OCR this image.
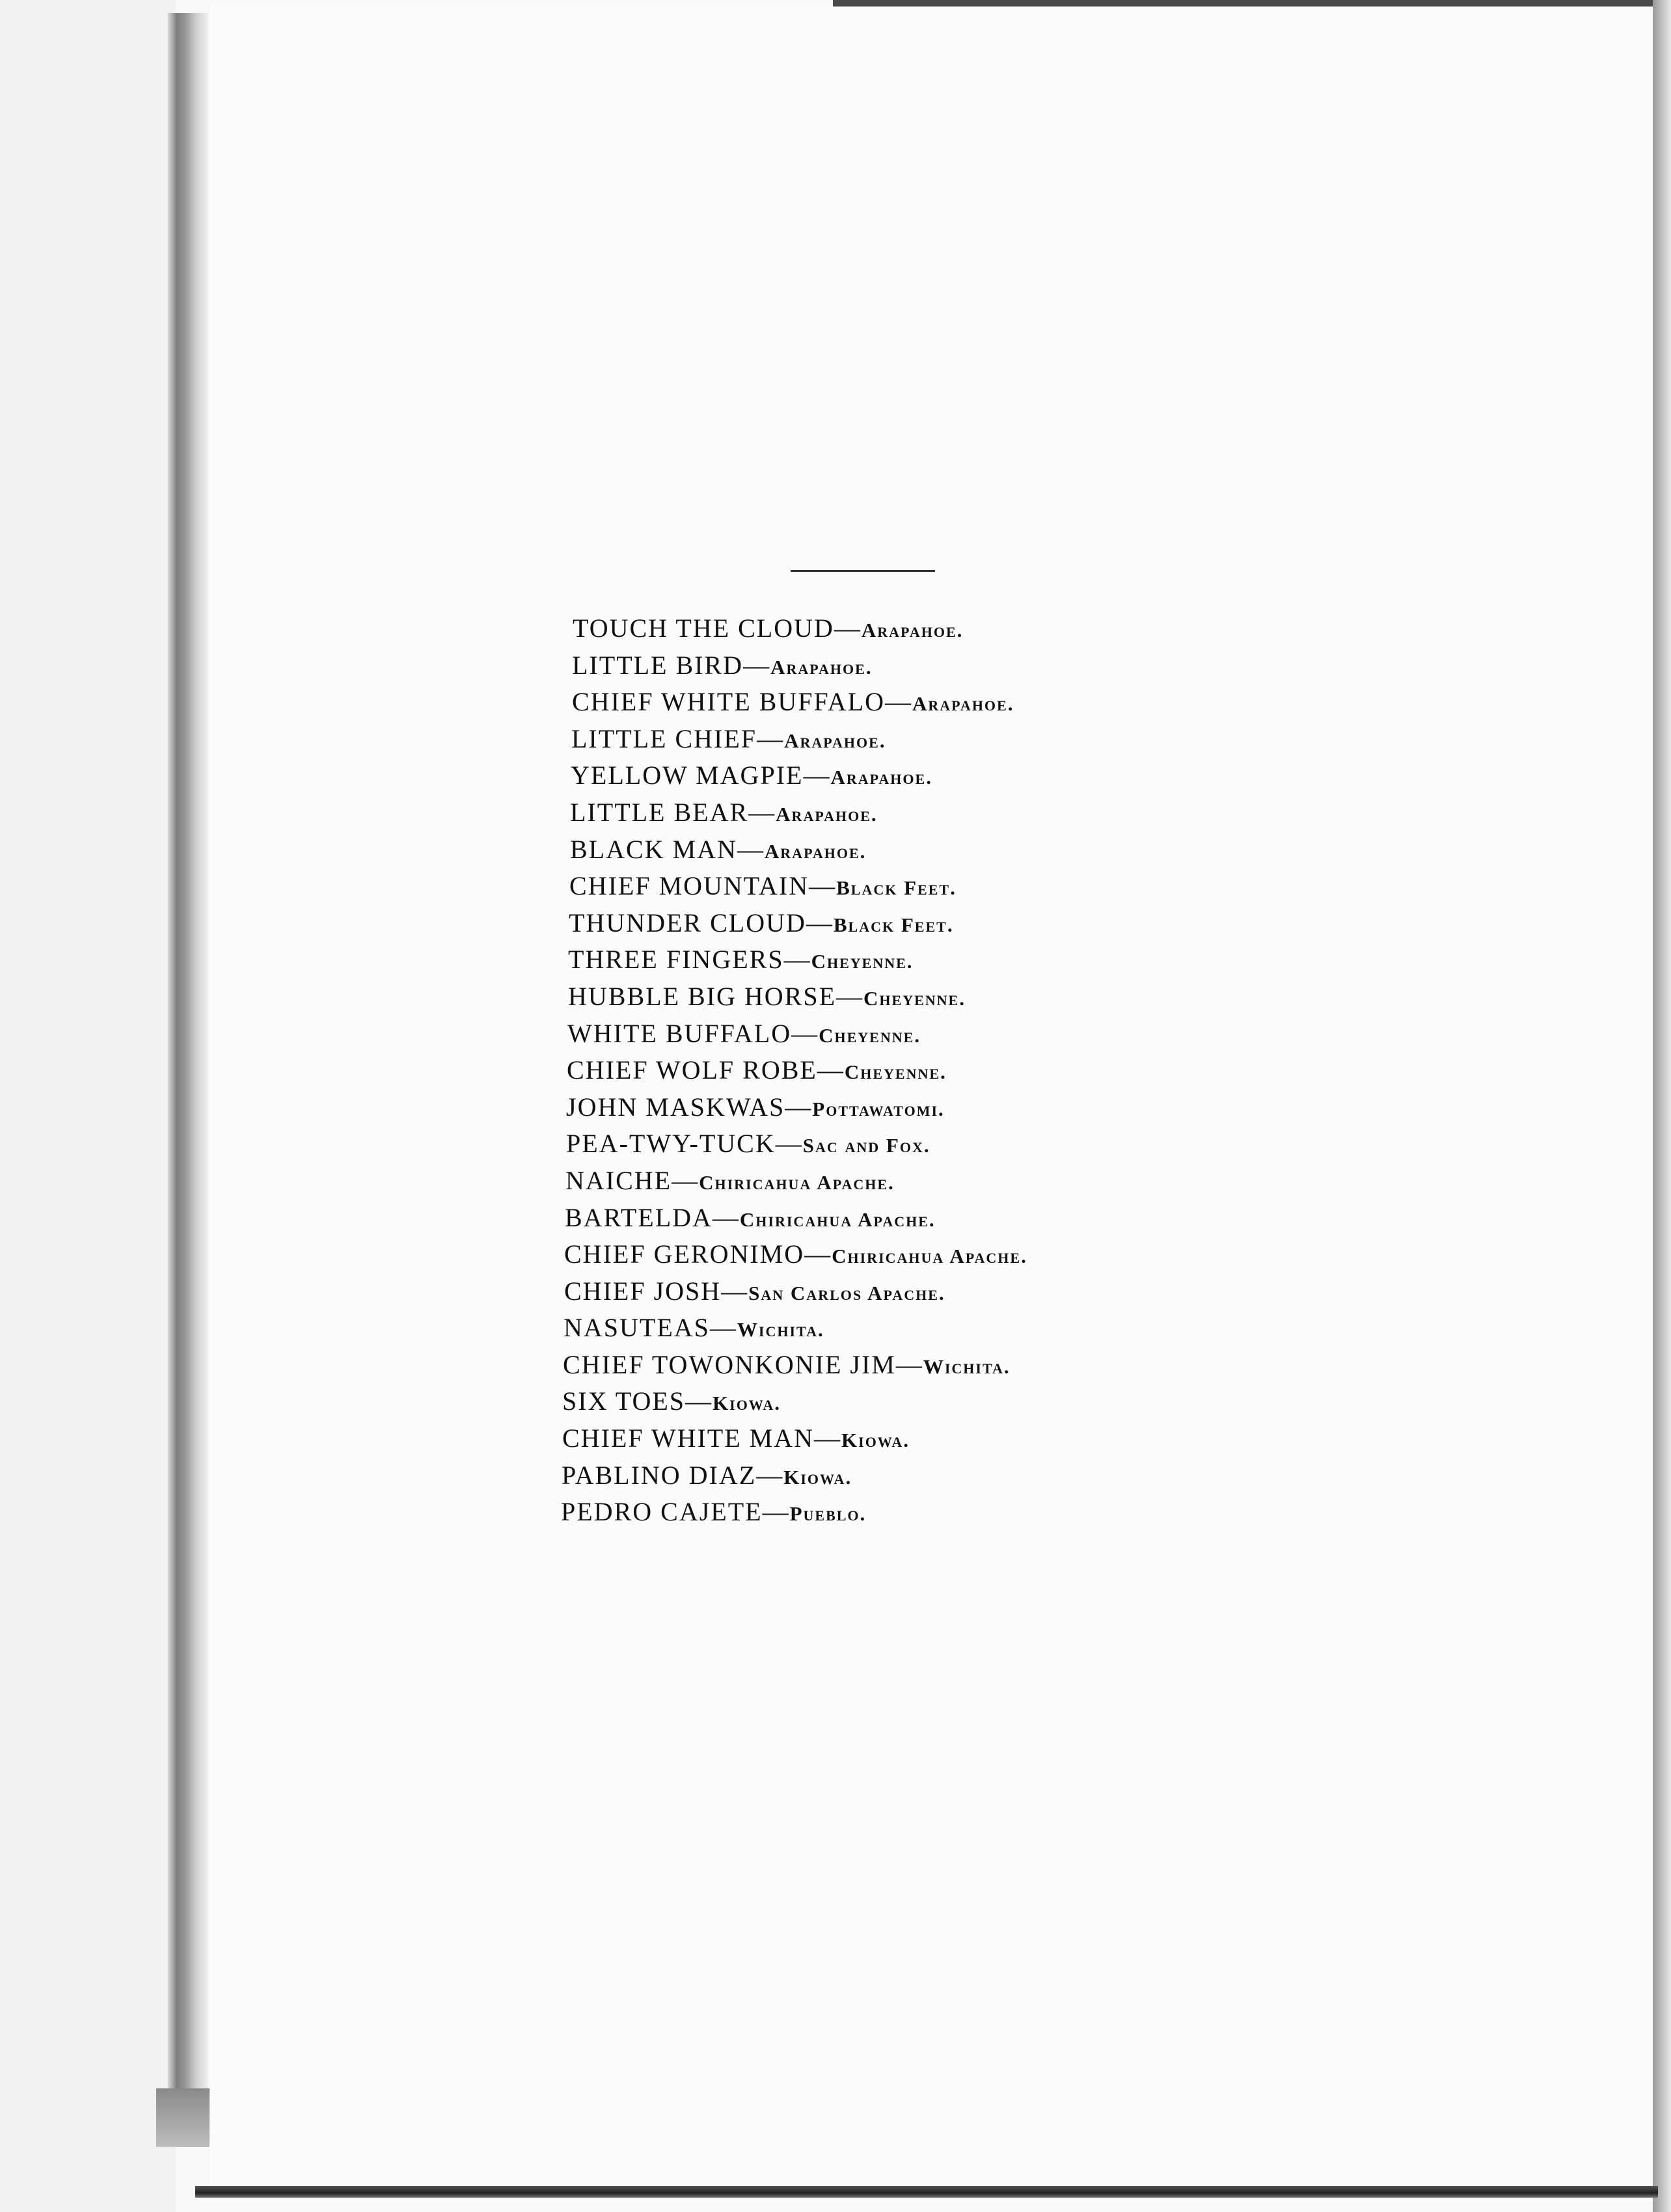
TOUCH THE CLOUD—Arapahoe.
LITTLE BIRD—Arapahoe.
CHIEF WHITE BUFFALO—Arapahoe.
LITTLE CHIEF—Arapahoe.
YELLOW MAGPIE—Arapahoe.
LITTLE BEAR—Arapahoe.
BLACK MAN—Arapahoe.
CHIEF MOUNTAIN—Black Feet.
THUNDER CLOUD—Black Feet.
THREE FINGERS—Cheyenne.
HUBBLE BIG HORSE—Cheyenne.
WHITE BUFFALO—Cheyenne.
CHIEF WOLF ROBE—Cheyenne.
JOHN MASKWAS—Pottawatomi.
PEA-TWY-TUCK—Sac and Fox.
NAICHE—Chiricahua Apache.
BARTELDA—Chiricahua Apache.
CHIEF GERONIMO—Chiricahua Apache.
CHIEF JOSH—San Carlos Apache.
NASUTEAS—Wichita.
CHIEF TOWONKONIE JIM—Wichita.
SIX TOES—Kiowa.
CHIEF WHITE MAN—Kiowa.
PABLINO DIAZ—Kiowa.
PEDRO CAJETE—Pueblo.
